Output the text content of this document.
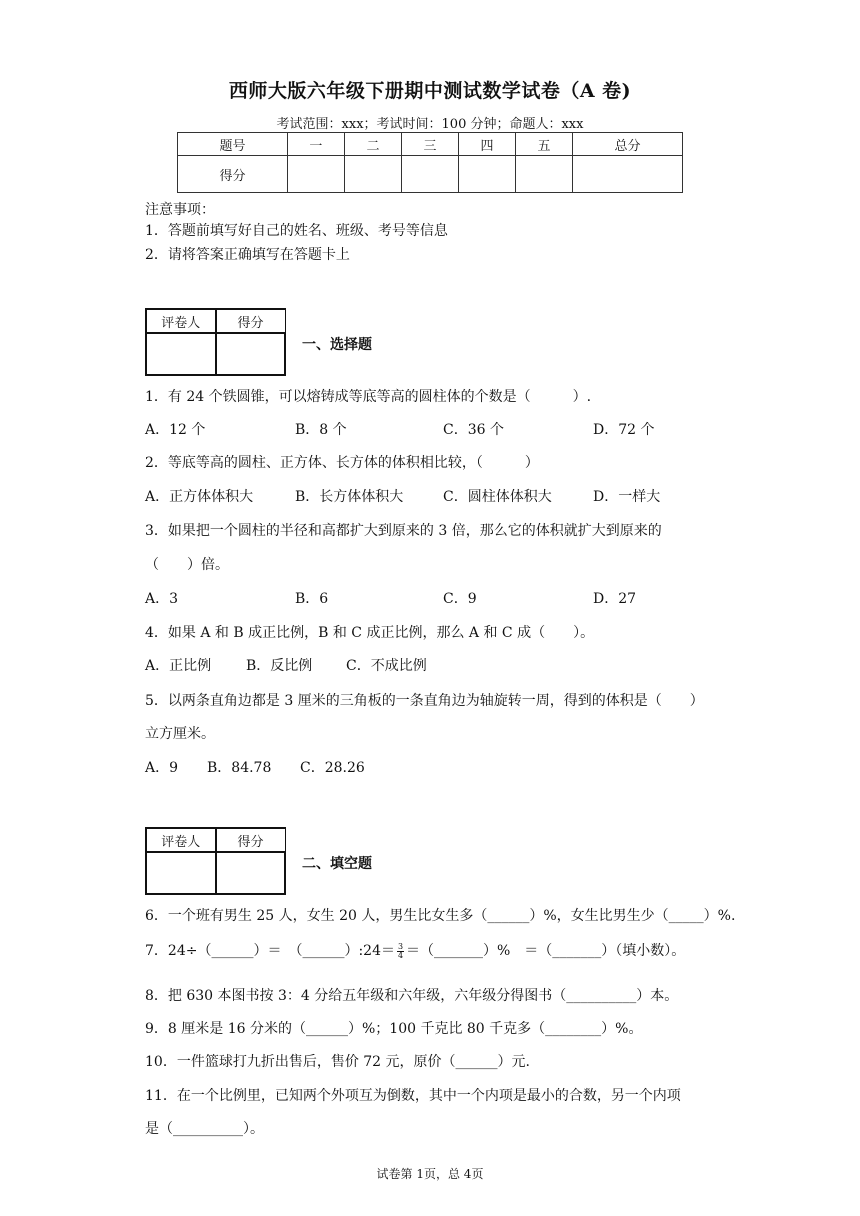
西师大版六年级下册期中测试数学试卷（A 卷)
考试范围：xxx；考试时间：100 分钟；命题人：xxx
题号	一	二	三	四	五	总分
得分						
注意事项：
1．答题前填写好自己的姓名、班级、考号等信息
2．请将答案正确填写在答题卡上
评卷人	得分

一、选择题
1．有 24 个铁圆锥，可以熔铸成等底等高的圆柱体的个数是（　　　）.
A．12 个	B．8 个	C．36 个	D．72 个
2．等底等高的圆柱、正方体、长方体的体积相比较，（　　　）
A．正方体体积大	B．长方体体积大	C．圆柱体体积大	D．一样大
3．如果把一个圆柱的半径和高都扩大到原来的 3 倍，那么它的体积就扩大到原来的
（　　）倍。
A．3	B．6	C．9	D．27
4．如果 A 和 B 成正比例，B 和 C 成正比例，那么 A 和 C 成（　　）。
A．正比例 B．反比例 C．不成比例
5．以两条直角边都是 3 厘米的三角板的一条直角边为轴旋转一周，得到的体积是（　　）
立方厘米。
A．9 B．84.78 C．28.26
评卷人	得分

二、填空题
6．一个班有男生 25 人，女生 20 人，男生比女生多（______）%，女生比男生少（_____）%.
7．24÷（______）＝　（______）:24＝ $\frac{3}{4}$ ＝（_______）%　＝（_______）（填小数）。
8．把 630 本图书按 3：4 分给五年级和六年级，六年级分得图书（__________）本。
9．8 厘米是 16 分米的（______）%；100 千克比 80 千克多（________）%。
10．一件篮球打九折出售后，售价 72 元，原价（______）元.
11．在一个比例里，已知两个外项互为倒数，其中一个内项是最小的合数，另一个内项
是（__________）。
试卷第 1页，总 4页
